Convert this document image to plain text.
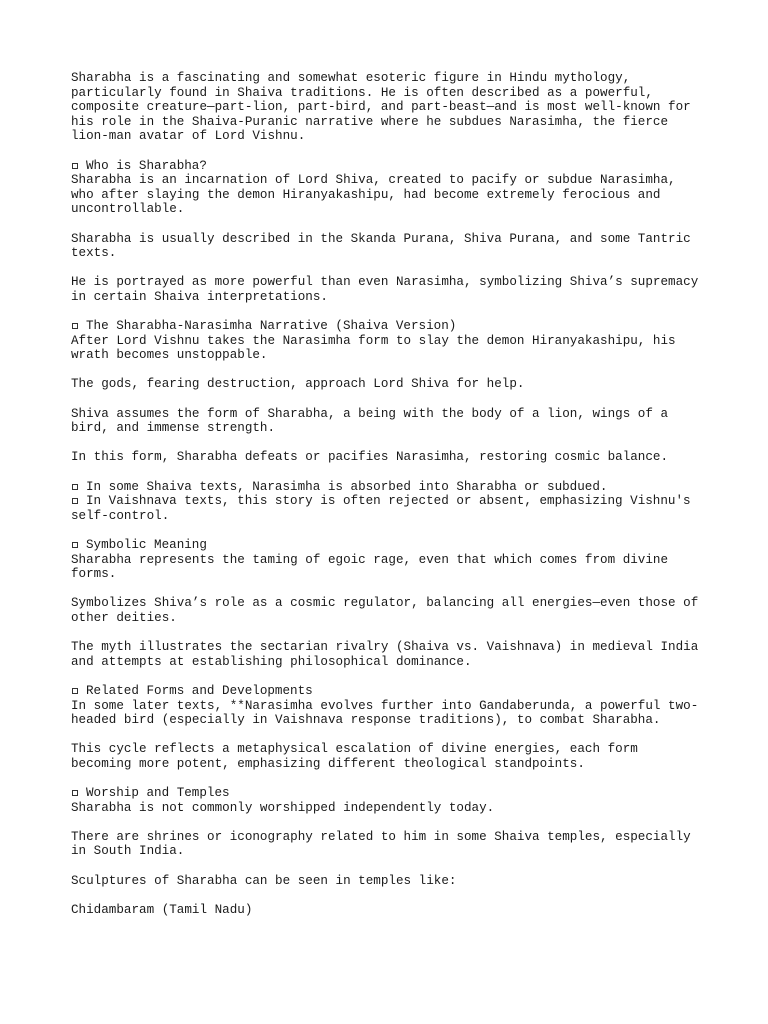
Sharabha is a fascinating and somewhat esoteric figure in Hindu mythology,
particularly found in Shaiva traditions. He is often described as a powerful,
composite creature—part-lion, part-bird, and part-beast—and is most well-known for
his role in the Shaiva-Puranic narrative where he subdues Narasimha, the fierce
lion-man avatar of Lord Vishnu.
Who is Sharabha?
Sharabha is an incarnation of Lord Shiva, created to pacify or subdue Narasimha,
who after slaying the demon Hiranyakashipu, had become extremely ferocious and
uncontrollable.
Sharabha is usually described in the Skanda Purana, Shiva Purana, and some Tantric
texts.
He is portrayed as more powerful than even Narasimha, symbolizing Shiva’s supremacy
in certain Shaiva interpretations.
The Sharabha-Narasimha Narrative (Shaiva Version)
After Lord Vishnu takes the Narasimha form to slay the demon Hiranyakashipu, his
wrath becomes unstoppable.
The gods, fearing destruction, approach Lord Shiva for help.
Shiva assumes the form of Sharabha, a being with the body of a lion, wings of a
bird, and immense strength.
In this form, Sharabha defeats or pacifies Narasimha, restoring cosmic balance.
In some Shaiva texts, Narasimha is absorbed into Sharabha or subdued.
In Vaishnava texts, this story is often rejected or absent, emphasizing Vishnu's
self-control.
Symbolic Meaning
Sharabha represents the taming of egoic rage, even that which comes from divine
forms.
Symbolizes Shiva’s role as a cosmic regulator, balancing all energies—even those of
other deities.
The myth illustrates the sectarian rivalry (Shaiva vs. Vaishnava) in medieval India
and attempts at establishing philosophical dominance.
Related Forms and Developments
In some later texts, **Narasimha evolves further into Gandaberunda, a powerful two-
headed bird (especially in Vaishnava response traditions), to combat Sharabha.
This cycle reflects a metaphysical escalation of divine energies, each form
becoming more potent, emphasizing different theological standpoints.
Worship and Temples
Sharabha is not commonly worshipped independently today.
There are shrines or iconography related to him in some Shaiva temples, especially
in South India.
Sculptures of Sharabha can be seen in temples like:
Chidambaram (Tamil Nadu)
